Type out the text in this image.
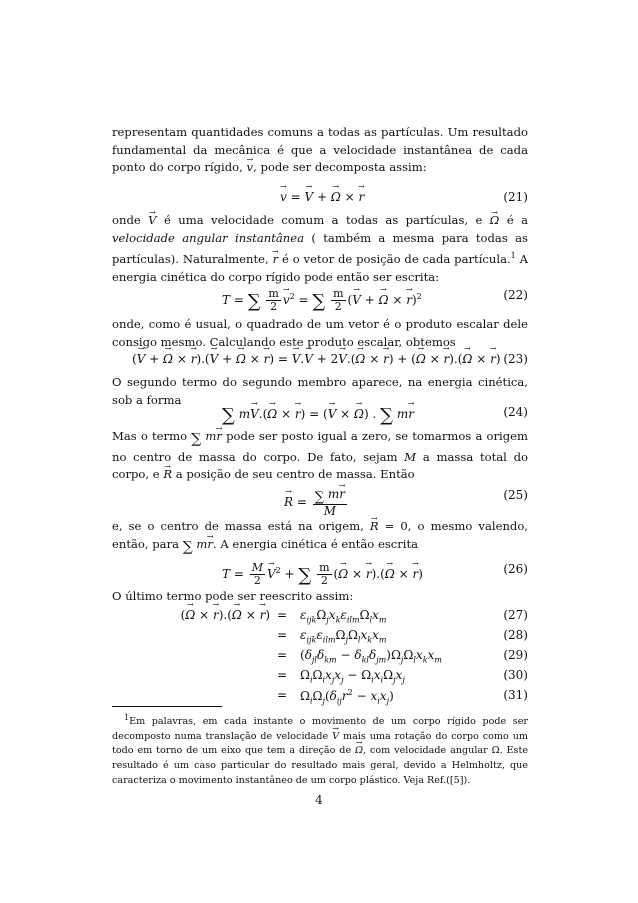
representam quantidades comuns a todas as partículas. Um resultado fundamental da mecânica é que a velocidade instantânea de cada ponto do corpo rígido, → v, pode ser decomposta assim:

→ v = → V + → Ω × → r	(21)

onde → V é uma velocidade comum a todas as partículas, e → Ω é a velocidade angular instantânea ( também a mesma para todas as partículas). Naturalmente, → r é o vetor de posição de cada partícula.$^1$ A energia cinética do corpo rígido pode então ser escrita:

T = ∑ $\frac{m}{2}$
→ $v^2$ = ∑ $\frac{m}{2}$ (→ V + → Ω × → r)$^2$	(22)

onde, como é usual, o quadrado de um vetor é o produto escalar dele consigo mesmo. Calculando este produto escalar, obtemos

(→ V + → Ω × → r).(→ V + → Ω × → r) = → V.→ V + 2→ V.(→ Ω × → r) + (→ Ω × → r).(→ Ω × → r) (23)

O segundo termo do segundo membro aparece, na energia cinética, sob a forma

∑ m→ V.(→ Ω × → r) = (→ V × → Ω) . ∑ m→ r	(24)

Mas o termo ∑ m→ r pode ser posto igual a zero, se tomarmos a origem no centro de massa do corpo. De fato, sejam M a massa total do corpo, e → R a posição de seu centro de massa. Então

→ $R = \frac{\sum m\to r}{M}$	(25)

e, se o centro de massa está na origem, → R = 0, o mesmo valendo, então, para ∑ m→ r. A energia cinética é então escrita

$T = \frac{M}{2}$
→ $V^2$ + ∑ $\frac{m}{2}$ (→ Ω × → r).(→ Ω × → r)	(26)

O último termo pode ser reescrito assim:

(→ Ω × → r).(→ Ω × → r) =	$\varepsilon_{ijk}\Omega_jx_k\varepsilon_{ilm}\Omega_lx_m$	(27)
=	$\varepsilon_{ijk}\varepsilon_{ilm}\Omega_j\Omega_lx_kx_m$	(28)
=	$(\delta_{jl}\delta_{km} - \delta_{kl}\delta_{jm})\Omega_j\Omega_lx_kx_m$	(29)
=	$\Omega_i\Omega_ix_jx_j - \Omega_ix_i\Omega_jx_j$	(30)
=	$\Omega_i\Omega_j(\delta_{ij}r^2 - x_ix_j)$	(31)

$^1$Em palavras, em cada instante o movimento de um corpo rígido pode ser decomposto numa translação de velocidade → V mais uma rotação do corpo como um todo em torno de um eixo que tem a direção de → Ω, com velocidade angular Ω. Este resultado é um caso particular do resultado mais geral, devido a Helmholtz, que caracteriza o movimento instantâneo de um corpo plástico. Veja Ref.([5]).

4
